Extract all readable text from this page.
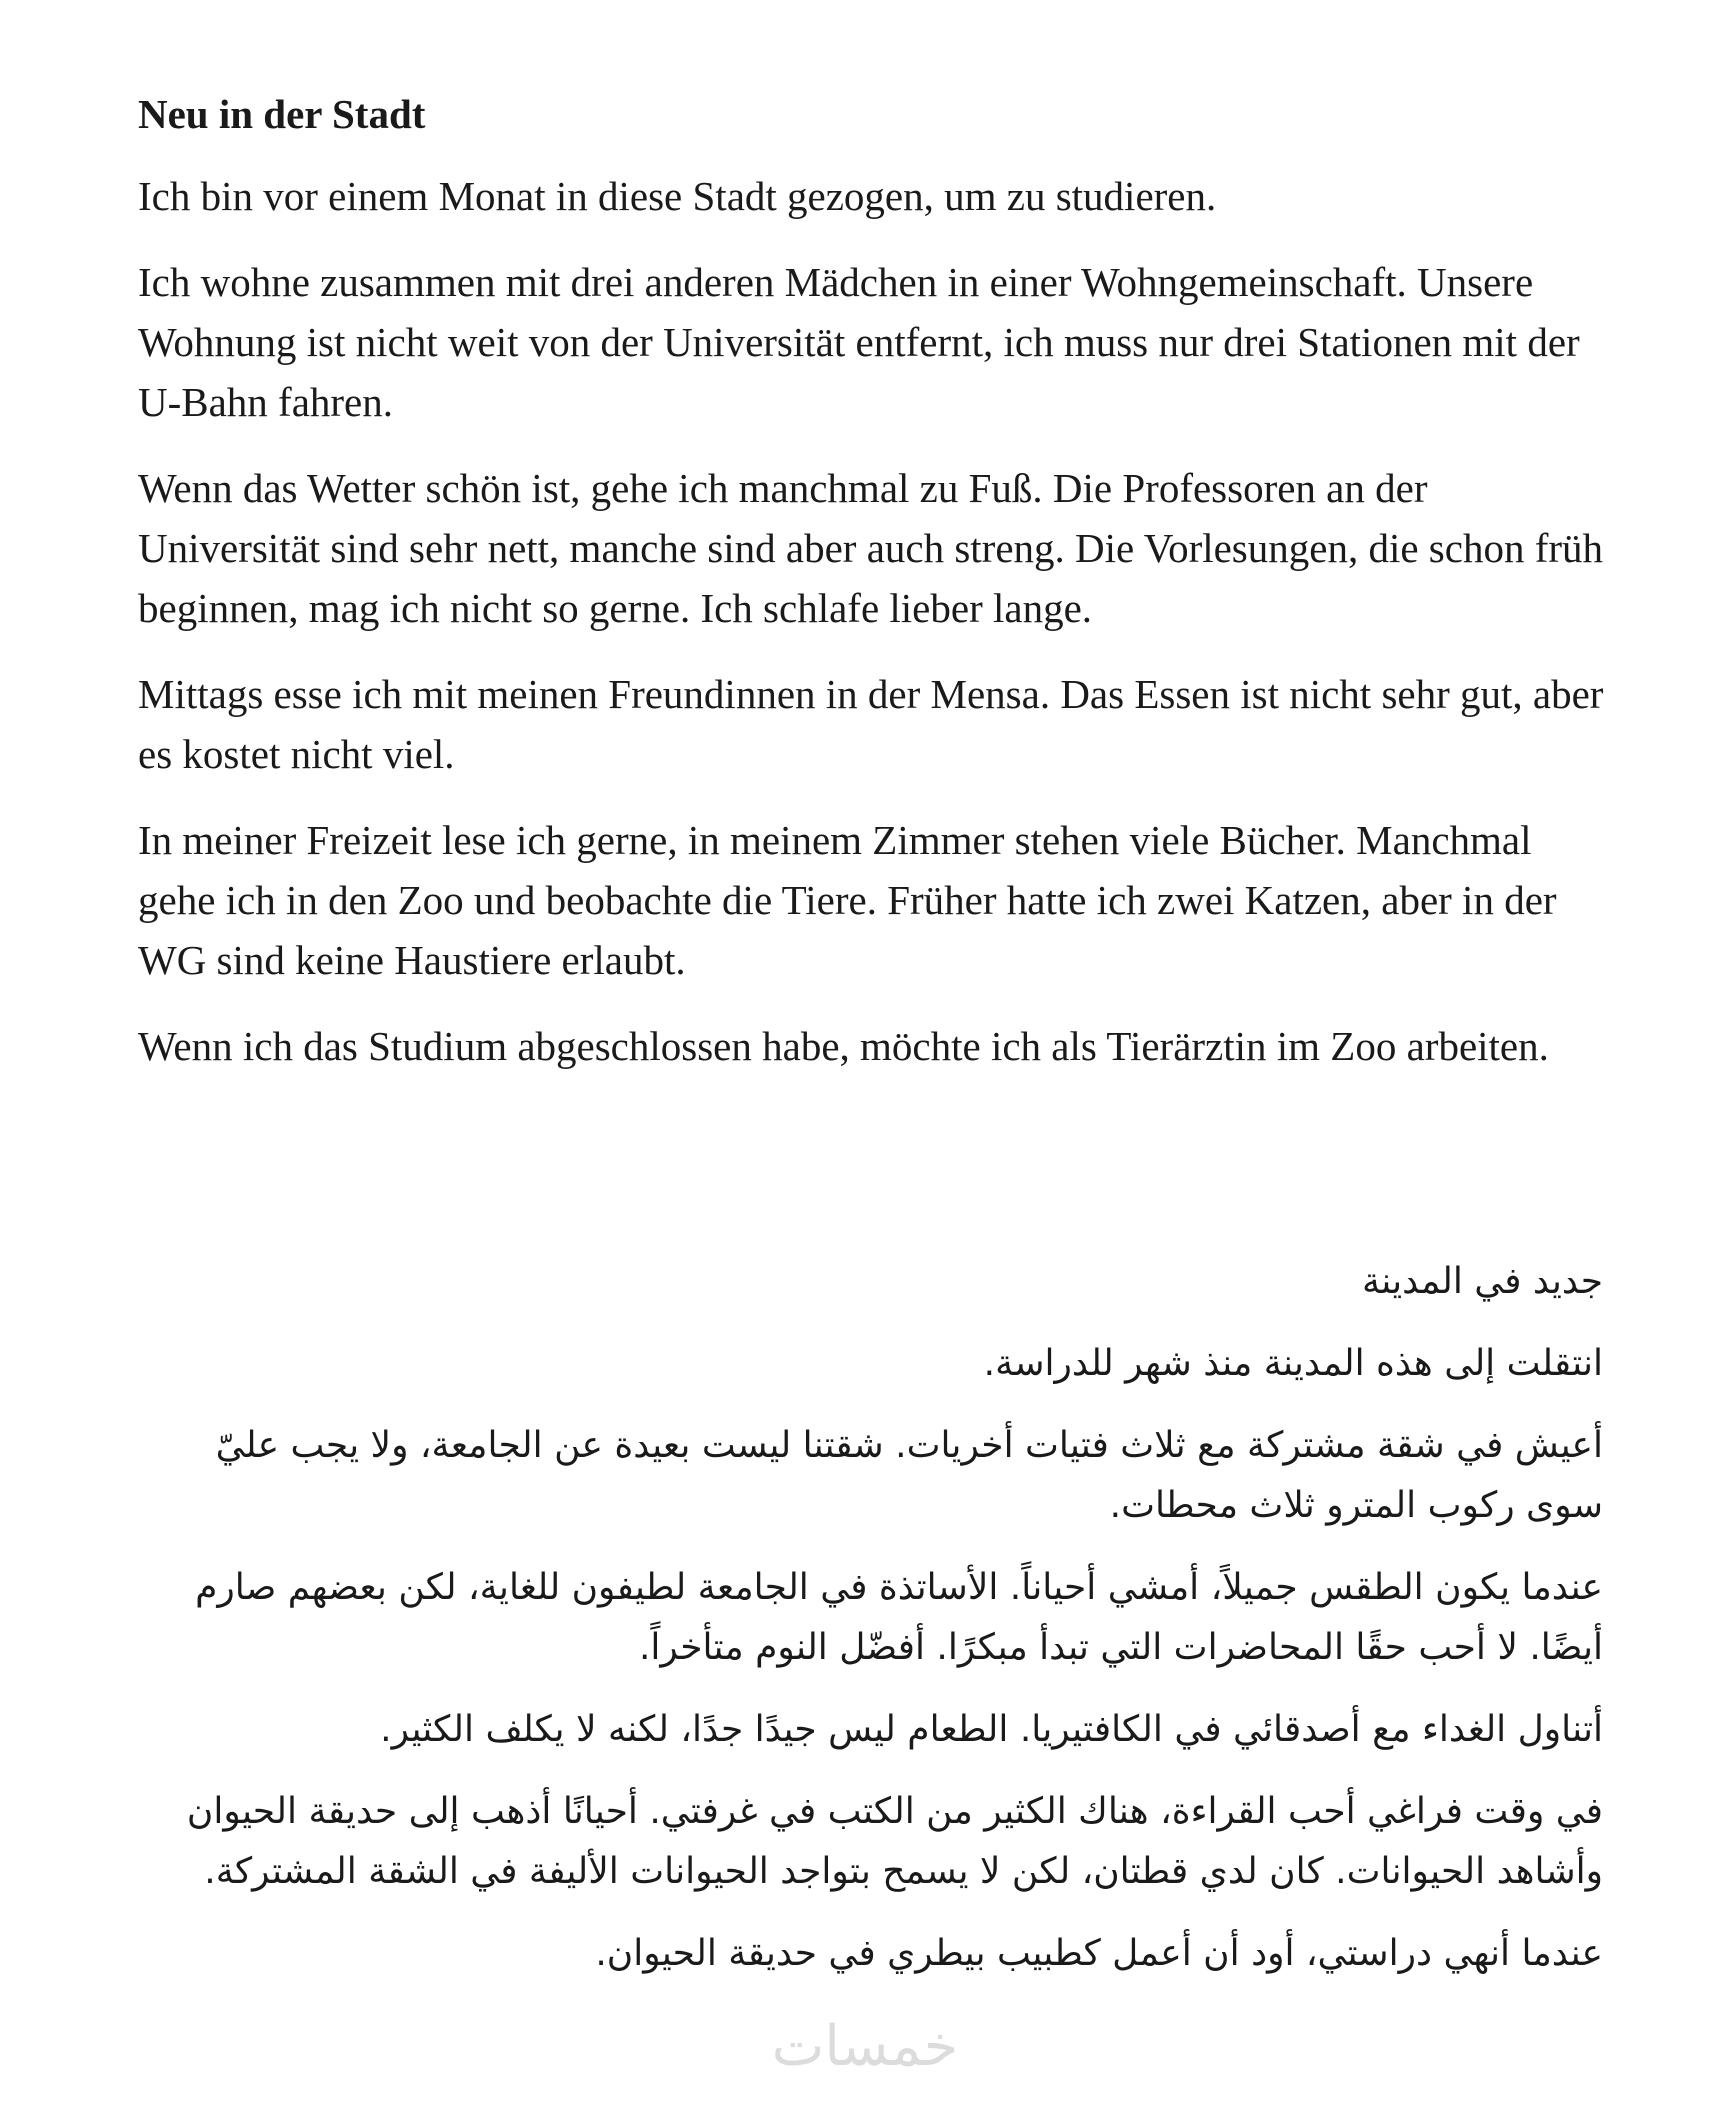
Neu in der Stadt

Ich bin vor einem Monat in diese Stadt gezogen, um zu studieren.

Ich wohne zusammen mit drei anderen Mädchen in einer Wohngemeinschaft. Unsere Wohnung ist nicht weit von der Universität entfernt, ich muss nur drei Stationen mit der U-Bahn fahren.

Wenn das Wetter schön ist, gehe ich manchmal zu Fuß. Die Professoren an der Universität sind sehr nett, manche sind aber auch streng. Die Vorlesungen, die schon früh beginnen, mag ich nicht so gerne. Ich schlafe lieber lange.

Mittags esse ich mit meinen Freundinnen in der Mensa. Das Essen ist nicht sehr gut, aber es kostet nicht viel.

In meiner Freizeit lese ich gerne, in meinem Zimmer stehen viele Bücher. Manchmal gehe ich in den Zoo und beobachte die Tiere. Früher hatte ich zwei Katzen, aber in der WG sind keine Haustiere erlaubt.

Wenn ich das Studium abgeschlossen habe, möchte ich als Tierärztin im Zoo arbeiten.

جديد في المدينة

انتقلت إلى هذه المدينة منذ شهر للدراسة.

أعيش في شقة مشتركة مع ثلاث فتيات أخريات. شقتنا ليست بعيدة عن الجامعة، ولا يجب عليّ سوى ركوب المترو ثلاث محطات.

عندما يكون الطقس جميلاً، أمشي أحياناً. الأساتذة في الجامعة لطيفون للغاية، لكن بعضهم صارم أيضًا. لا أحب حقًا المحاضرات التي تبدأ مبكرًا. أفضّل النوم متأخراً.

أتناول الغداء مع أصدقائي في الكافتيريا. الطعام ليس جيدًا جدًا، لكنه لا يكلف الكثير.

في وقت فراغي أحب القراءة، هناك الكثير من الكتب في غرفتي. أحيانًا أذهب إلى حديقة الحيوان وأشاهد الحيوانات. كان لدي قطتان، لكن لا يسمح بتواجد الحيوانات الأليفة في الشقة المشتركة.

عندما أنهي دراستي، أود أن أعمل كطبيب بيطري في حديقة الحيوان.

خمسات
